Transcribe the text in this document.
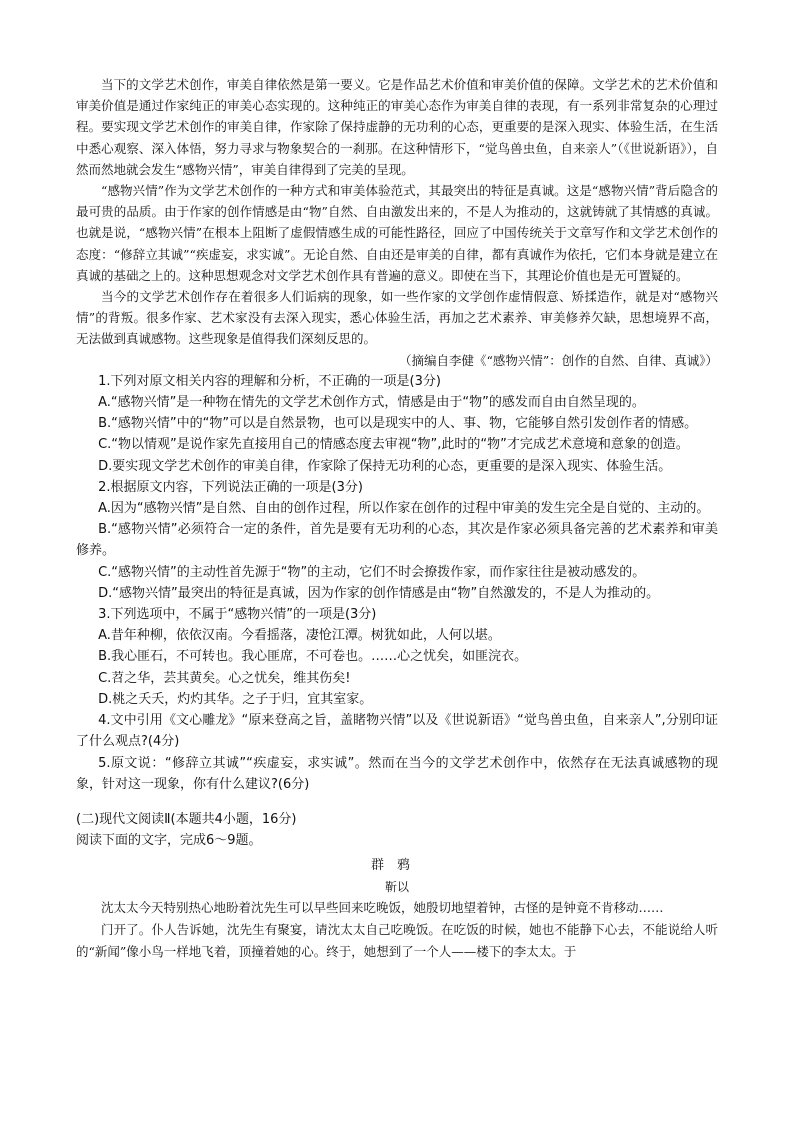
当下的文学艺术创作，审美自律依然是第一要义。它是作品艺术价值和审美价值的保障。文学艺术的艺术价值和审美价值是通过作家纯正的审美心态实现的。这种纯正的审美心态作为审美自律的表现，有一系列非常复杂的心理过程。要实现文学艺术创作的审美自律，作家除了保持虚静的无功利的心态，更重要的是深入现实、体验生活，在生活中悉心观察、深入体悟，努力寻求与物象契合的一刹那。在这种情形下，“觉鸟兽虫鱼，自来亲人”（《世说新语》），自然而然地就会发生“感物兴情”，审美自律得到了完美的呈现。

“感物兴情”作为文学艺术创作的一种方式和审美体验范式，其最突出的特征是真诚。这是“感物兴情”背后隐含的最可贵的品质。由于作家的创作情感是由“物”自然、自由激发出来的，不是人为推动的，这就铸就了其情感的真诚。也就是说，“感物兴情”在根本上阻断了虚假情感生成的可能性路径，回应了中国传统关于文章写作和文学艺术创作的态度：“修辞立其诚”“疾虚妄，求实诚”。无论自然、自由还是审美的自律，都有真诚作为依托，它们本身就是建立在真诚的基础之上的。这种思想观念对文学艺术创作具有普遍的意义。即使在当下，其理论价值也是无可置疑的。

当今的文学艺术创作存在着很多人们诟病的现象，如一些作家的文学创作虚情假意、矫揉造作，就是对“感物兴情”的背叛。很多作家、艺术家没有去深入现实，悉心体验生活，再加之艺术素养、审美修养欠缺，思想境界不高，无法做到真诚感物。这些现象是值得我们深刻反思的。

（摘编自李健《“感物兴情”：创作的自然、自律、真诚》）

1.下列对原文相关内容的理解和分析，不正确的一项是(3分)

A.“感物兴情”是一种物在情先的文学艺术创作方式，情感是由于“物”的感发而自由自然呈现的。

B.“感物兴情”中的“物”可以是自然景物，也可以是现实中的人、事、物，它能够自然引发创作者的情感。

C.“物以情观”是说作家先直接用自己的情感态度去审视“物”,此时的“物”才完成艺术意境和意象的创造。

D.要实现文学艺术创作的审美自律，作家除了保持无功利的心态，更重要的是深入现实、体验生活。

2.根据原文内容，下列说法正确的一项是(3分)

A.因为“感物兴情”是自然、自由的创作过程，所以作家在创作的过程中审美的发生完全是自觉的、主动的。

B.“感物兴情”必须符合一定的条件，首先是要有无功利的心态，其次是作家必须具备完善的艺术素养和审美修养。

C.“感物兴情”的主动性首先源于“物”的主动，它们不时会撩拨作家，而作家往往是被动感发的。

D.“感物兴情”最突出的特征是真诚，因为作家的创作情感是由“物”自然激发的，不是人为推动的。

3.下列选项中，不属于“感物兴情”的一项是(3分)

A.昔年种柳，依依汉南。今看摇落，凄怆江潭。树犹如此，人何以堪。

B.我心匪石，不可转也。我心匪席，不可卷也。……心之忧矣，如匪浣衣。

C.苕之华，芸其黄矣。心之忧矣，维其伤矣!

D.桃之夭夭，灼灼其华。之子于归，宜其室家。

4.文中引用《文心雕龙》“原来登高之旨，盖睹物兴情”以及《世说新语》“觉鸟兽虫鱼，自来亲人”,分别印证了什么观点?(4分)

5.原文说：“修辞立其诚”“疾虚妄，求实诚”。然而在当今的文学艺术创作中，依然存在无法真诚感物的现象，针对这一现象，你有什么建议?(6分)

(二)现代文阅读Ⅱ(本题共4小题，16分)

阅读下面的文字，完成6～9题。

群鸦

靳以

沈太太今天特别热心地盼着沈先生可以早些回来吃晚饭，她殷切地望着钟，古怪的是钟竟不肯移动……

门开了。仆人告诉她，沈先生有聚宴，请沈太太自己吃晚饭。在吃饭的时候，她也不能静下心去，不能说给人听的“新闻”像小鸟一样地飞着，顶撞着她的心。终于，她想到了一个人——楼下的李太太。于
